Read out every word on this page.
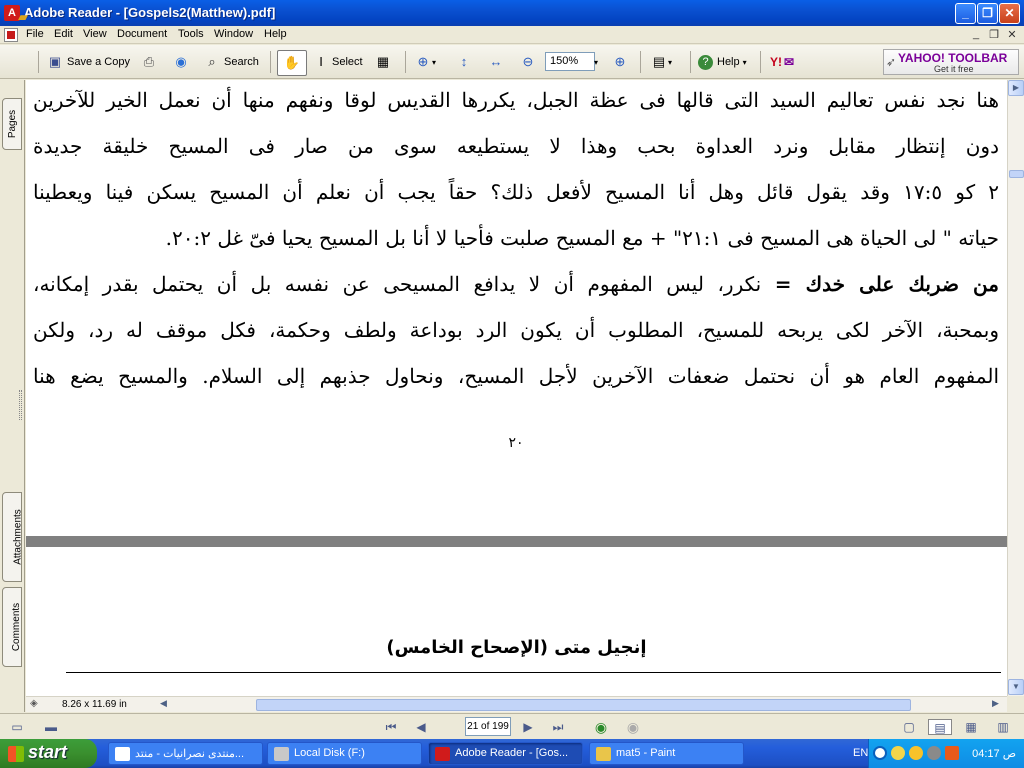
A Adobe Reader - [Gospels2(Matthew).pdf]	_	❐ ✕
File Edit View Document Tools Window Help	_ ❐ ✕
▰
▣ Save a Copy ⎙ ◉	⌕ Search ✋	I Select ▦ ⊕ ▾	↕	↔ ⊖	150%	▾ ⊕ ▤ ▾	? Help ▾ Y! ✉	➶ YAHOO! TOOLBAR
Get it free
Pages
Attachments
Comments
هنا نجد نفس تعاليم السيد التى قالها فى عظة الجبل، يكررها القديس لوقا ونفهم منها أن نعمل الخير للآخرين
دون إنتظار مقابل ونرد العداوة بحب وهذا لا يستطيعه سوى من صار فى المسيح خليقة جديدة
٢ كو ١٧:٥ وقد يقول قائل وهل أنا المسيح لأفعل ذلك؟ حقاً يجب أن نعلم أن المسيح يسكن فينا ويعطينا
حياته " لى الحياة هى المسيح فى ٢١:١" + مع المسيح صلبت فأحيا لا أنا بل المسيح يحيا فىّ غل ٢٠:٢.
من ضربك على خدك = نكرر، ليس المفهوم أن لا يدافع المسيحى عن نفسه بل أن يحتمل بقدر إمكانه،
وبمحبة، الآخر لكى يربحه للمسيح، المطلوب أن يكون الرد بوداعة ولطف وحكمة، فكل موقف له رد، ولكن
المفهوم العام هو أن نحتمل ضعفات الآخرين لأجل المسيح، ونحاول جذبهم إلى السلام. والمسيح يضع هنا
٢٠
إنجيل متى (الإصحاح الخامس)
▶
▼
◈ 8.26 x 11.69 in	◀	▶
▭ ▬	⏮	◀	21 of 199	▶	⏭ ◉ ◉	▢	▤	▦ ▥
start	منتدى نصرانيات - منتد...	Local Disk (F:)	Adobe Reader - [Gos...	mat5 - Paint	EN	04:17 ص
